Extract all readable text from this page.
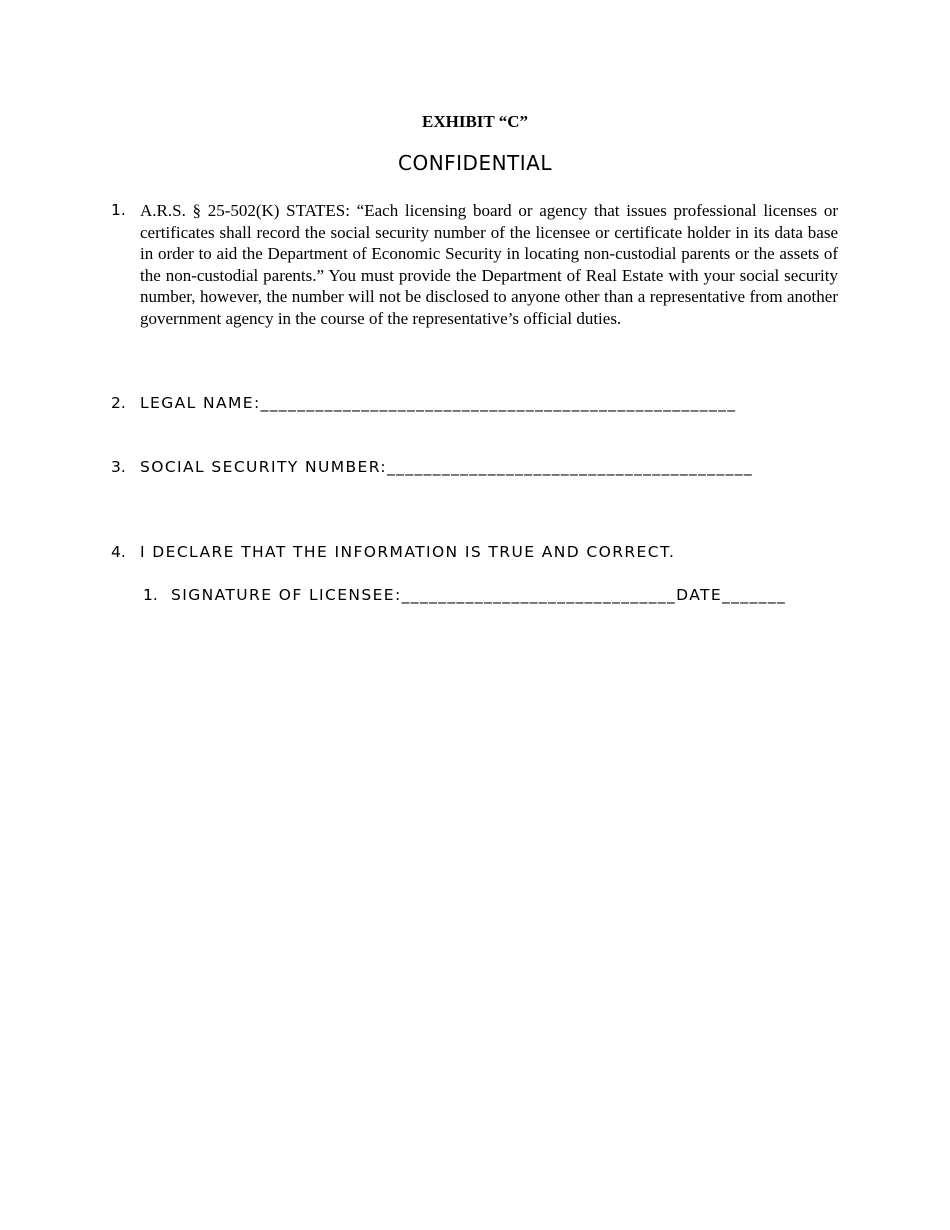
EXHIBIT “C”
CONFIDENTIAL
1. A.R.S. § 25-502(K) STATES: “Each licensing board or agency that issues professional licenses or certificates shall record the social security number of the licensee or certificate holder in its data base in order to aid the Department of Economic Security in locating non-custodial parents or the assets of the non-custodial parents.” You must provide the Department of Real Estate with your social security number, however, the number will not be disclosed to anyone other than a representative from another government agency in the course of the representative’s official duties.
2. LEGAL NAME:____________________________________________________
3. SOCIAL SECURITY NUMBER:________________________________________
4. I DECLARE THAT THE INFORMATION IS TRUE AND CORRECT.
1. SIGNATURE OF LICENSEE:______________________________DATE_______
